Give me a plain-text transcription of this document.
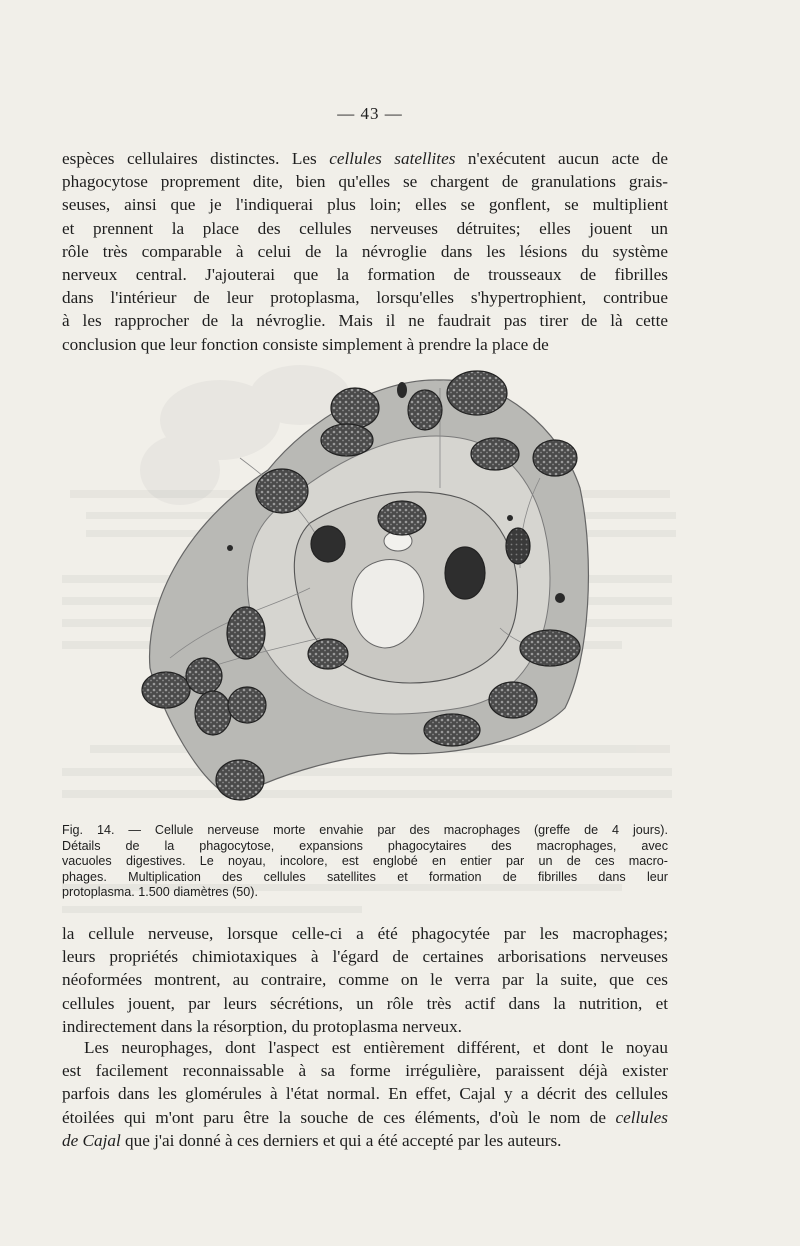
— 43 —
espèces cellulaires distinctes. Les cellules satellites n'exécutent aucun acte de
phagocytose proprement dite, bien qu'elles se chargent de granulations grais-
seuses, ainsi que je l'indiquerai plus loin; elles se gonflent, se multiplient
et prennent la place des cellules nerveuses détruites; elles jouent un
rôle très comparable à celui de la névroglie dans les lésions du système
nerveux central. J'ajouterai que la formation de trousseaux de fibrilles
dans l'intérieur de leur protoplasma, lorsqu'elles s'hypertrophient, contribue
à les rapprocher de la névroglie. Mais il ne faudrait pas tirer de là cette
conclusion que leur fonction consiste simplement à prendre la place de
Fig. 14. — Cellule nerveuse morte envahie par des macrophages (greffe de 4 jours).
Détails de la phagocytose, expansions phagocytaires des macrophages, avec
vacuoles digestives. Le noyau, incolore, est englobé en entier par un de ces macro-
phages. Multiplication des cellules satellites et formation de fibrilles dans leur
protoplasma. 1.500 diamètres (50).
la cellule nerveuse, lorsque celle-ci a été phagocytée par les macrophages;
leurs propriétés chimiotaxiques à l'égard de certaines arborisations nerveuses
néoformées montrent, au contraire, comme on le verra par la suite, que ces
cellules jouent, par leurs sécrétions, un rôle très actif dans la nutrition, et
indirectement dans la résorption, du protoplasma nerveux.
Les neurophages, dont l'aspect est entièrement différent, et dont le noyau
est facilement reconnaissable à sa forme irrégulière, paraissent déjà exister
parfois dans les glomérules à l'état normal. En effet, Cajal y a décrit des cellules
étoilées qui m'ont paru être la souche de ces éléments, d'où le nom de cellules
de Cajal que j'ai donné à ces derniers et qui a été accepté par les auteurs.
